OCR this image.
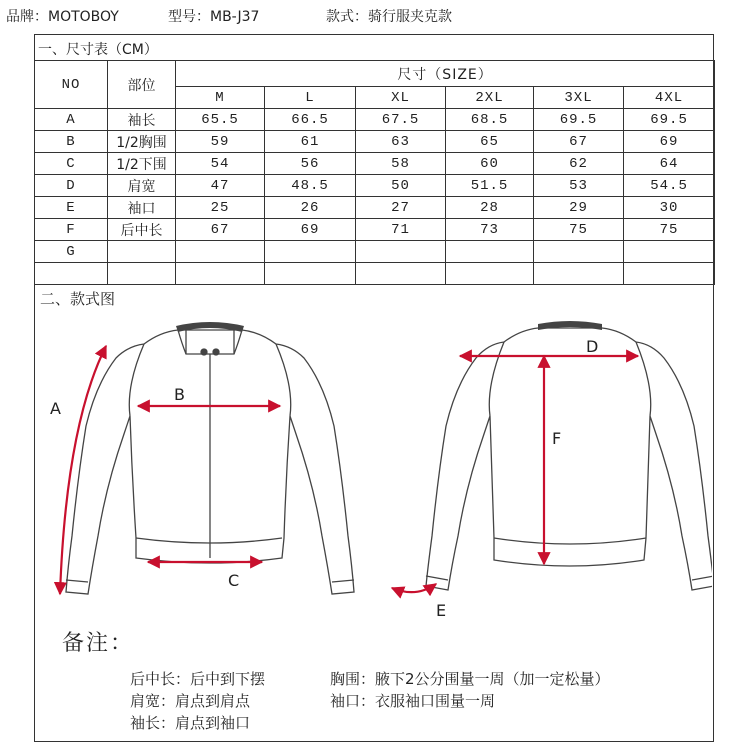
品牌：MOTOBOY	型号：MB-J37	款式：骑行服夹克款
一、尺寸表（CM）
NO	部位	尺寸（SIZE）					
		M	L	XL	2XL	3XL	4XL
A	袖长	65.5	66.5	67.5	68.5	69.5	69.5
B	1/2胸围	59	61	63	65	67	69
C	1/2下围	54	56	58	60	62	64
D	肩宽	47	48.5	50	51.5	53	54.5
E	袖口	25	26	27	28	29	30
F	后中长	67	69	71	73	75	75
G							

二、款式图
A
B
C
D
E
F
备注：
后中长：后中到下摆	胸围：腋下2公分围量一周（加一定松量）
肩宽：肩点到肩点	袖口：衣服袖口围量一周
袖长：肩点到袖口
